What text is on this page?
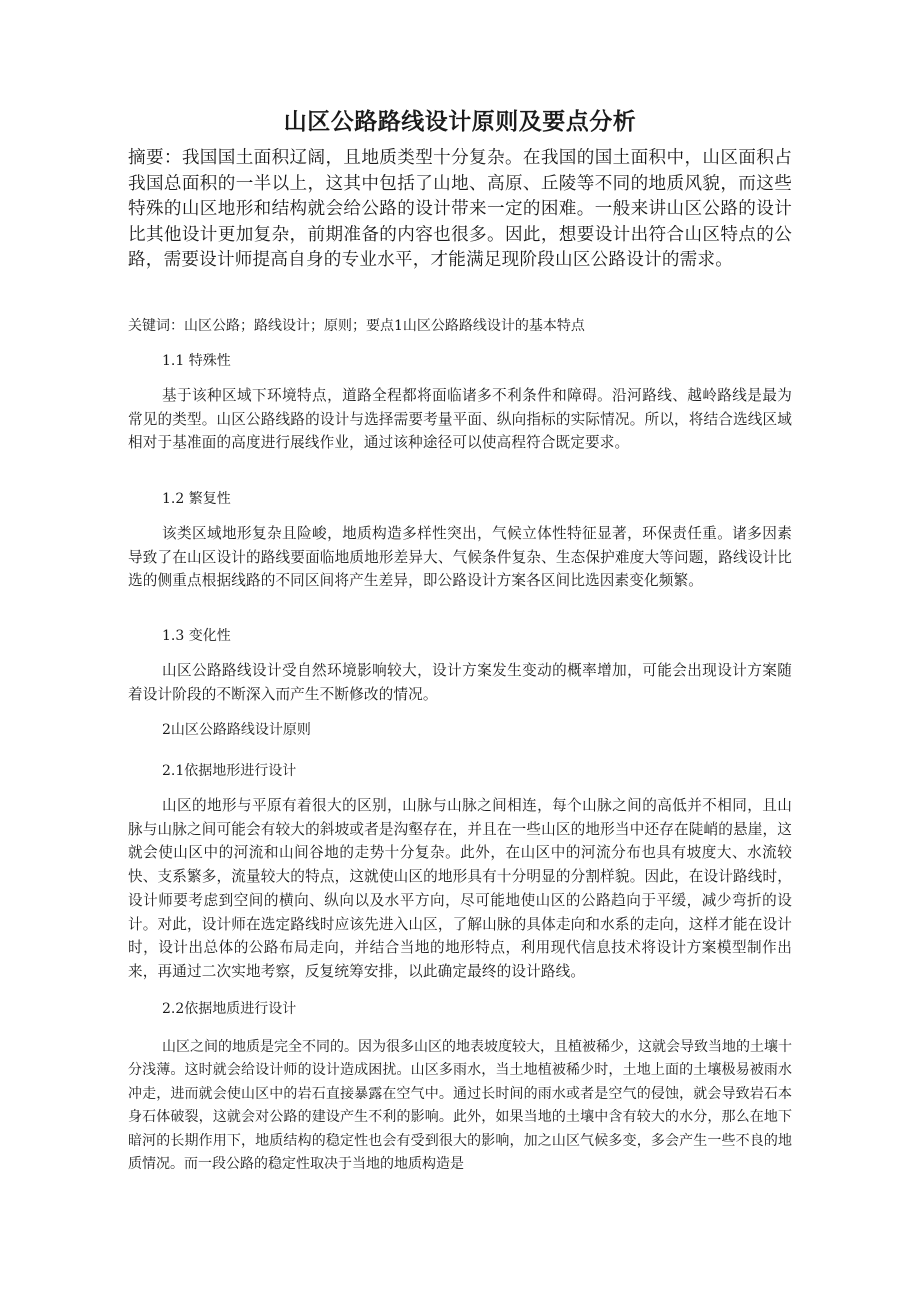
山区公路路线设计原则及要点分析

摘要：我国国土面积辽阔，且地质类型十分复杂。在我国的国土面积中，山区面积占我国总面积的一半以上，这其中包括了山地、高原、丘陵等不同的地质风貌，而这些特殊的山区地形和结构就会给公路的设计带来一定的困难。一般来讲山区公路的设计比其他设计更加复杂，前期准备的内容也很多。因此，想要设计出符合山区特点的公路，需要设计师提高自身的专业水平，才能满足现阶段山区公路设计的需求。

关键词：山区公路；路线设计；原则；要点1山区公路路线设计的基本特点

1.1 特殊性

基于该种区域下环境特点，道路全程都将面临诸多不利条件和障碍。沿河路线、越岭路线是最为常见的类型。山区公路线路的设计与选择需要考量平面、纵向指标的实际情况。所以，将结合选线区域相对于基准面的高度进行展线作业，通过该种途径可以使高程符合既定要求。

1.2 繁复性

该类区域地形复杂且险峻，地质构造多样性突出，气候立体性特征显著，环保责任重。诸多因素导致了在山区设计的路线要面临地质地形差异大、气候条件复杂、生态保护难度大等问题，路线设计比选的侧重点根据线路的不同区间将产生差异，即公路设计方案各区间比选因素变化频繁。

1.3 变化性

山区公路路线设计受自然环境影响较大，设计方案发生变动的概率增加，可能会出现设计方案随着设计阶段的不断深入而产生不断修改的情况。

2山区公路路线设计原则

2.1依据地形进行设计

山区的地形与平原有着很大的区别，山脉与山脉之间相连，每个山脉之间的高低并不相同，且山脉与山脉之间可能会有较大的斜坡或者是沟壑存在，并且在一些山区的地形当中还存在陡峭的悬崖，这就会使山区中的河流和山间谷地的走势十分复杂。此外，在山区中的河流分布也具有坡度大、水流较快、支系繁多，流量较大的特点，这就使山区的地形具有十分明显的分割样貌。因此，在设计路线时，设计师要考虑到空间的横向、纵向以及水平方向，尽可能地使山区的公路趋向于平缓，减少弯折的设计。对此，设计师在选定路线时应该先进入山区，了解山脉的具体走向和水系的走向，这样才能在设计时，设计出总体的公路布局走向，并结合当地的地形特点，利用现代信息技术将设计方案模型制作出来，再通过二次实地考察，反复统筹安排，以此确定最终的设计路线。

2.2依据地质进行设计

山区之间的地质是完全不同的。因为很多山区的地表坡度较大，且植被稀少，这就会导致当地的土壤十分浅薄。这时就会给设计师的设计造成困扰。山区多雨水，当土地植被稀少时，土地上面的土壤极易被雨水冲走，进而就会使山区中的岩石直接暴露在空气中。通过长时间的雨水或者是空气的侵蚀，就会导致岩石本身石体破裂，这就会对公路的建设产生不利的影响。此外，如果当地的土壤中含有较大的水分，那么在地下暗河的长期作用下，地质结构的稳定性也会有受到很大的影响，加之山区气候多变，多会产生一些不良的地质情况。而一段公路的稳定性取决于当地的地质构造是
